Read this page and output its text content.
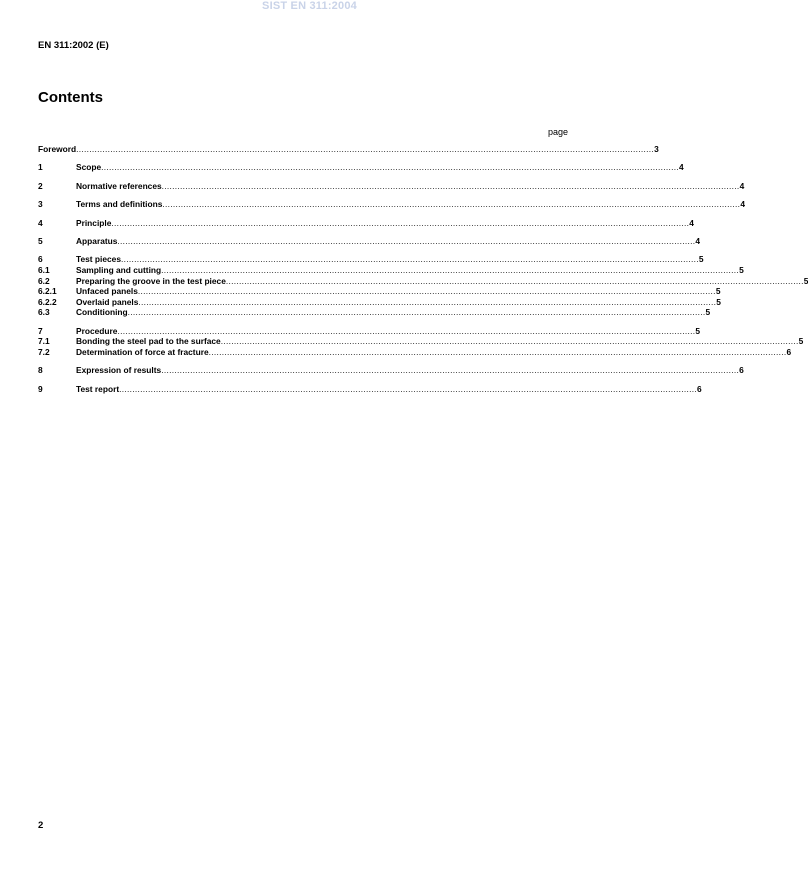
SIST EN 311:2004
EN 311:2002 (E)
Contents
page
Foreword ............................................................................................................................................................................................................................ 3
1	Scope ............................................................................................................................................................................................................................ 4
2	Normative references ............................................................................................................................................................................................................................ 4
3	Terms and definitions ............................................................................................................................................................................................................................ 4
4	Principle ............................................................................................................................................................................................................................ 4
5	Apparatus ............................................................................................................................................................................................................................ 4
6	Test pieces ............................................................................................................................................................................................................................ 5
6.1	Sampling and cutting ............................................................................................................................................................................................................................ 5
6.2	Preparing the groove in the test piece ............................................................................................................................................................................................................................ 5
6.2.1	Unfaced panels ............................................................................................................................................................................................................................ 5
6.2.2	Overlaid panels ............................................................................................................................................................................................................................ 5
6.3	Conditioning ............................................................................................................................................................................................................................ 5
7	Procedure ............................................................................................................................................................................................................................ 5
7.1	Bonding the steel pad to the surface ............................................................................................................................................................................................................................ 5
7.2	Determination of force at fracture ............................................................................................................................................................................................................................ 6
8	Expression of results ............................................................................................................................................................................................................................ 6
9	Test report ............................................................................................................................................................................................................................ 6
2
